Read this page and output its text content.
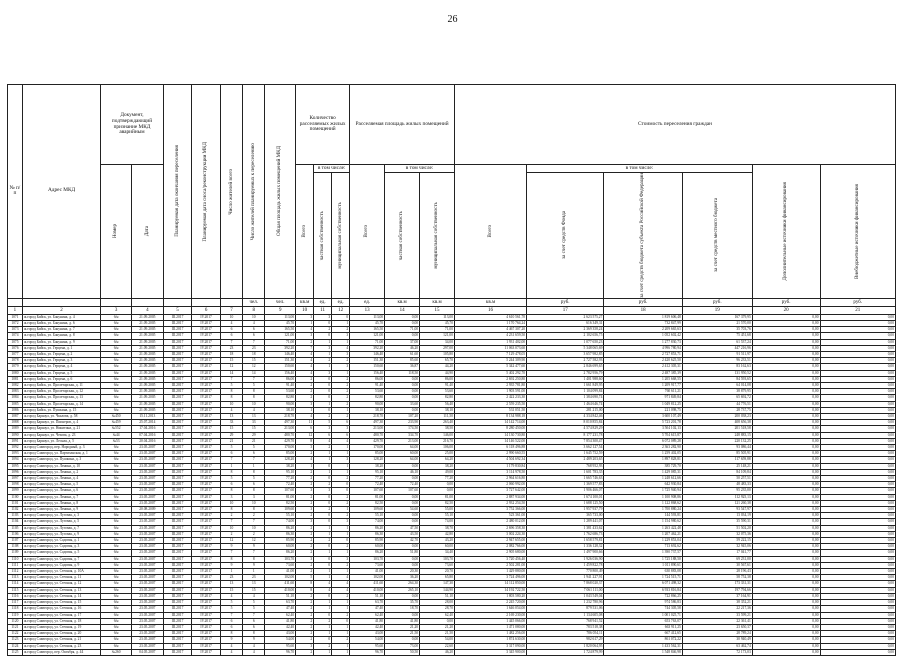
26
№ п/п	Адрес МКД	Документ, подтверждающий признание МКД аварийным		Планируемая дата окончания переселения	Планируемая дата сноса/реконструкции МКД	Число жителей всего	Число жителей планируемых к переселению	Общая площадь жилых помещений МКД	Количество расселяемых жилых помещений			Расселяемая площадь жилых помещений			Стоимость переселения граждан					

		Номер	Дата						Всего	в том числе:		Всего	в том числе:		Всего	в том числе:			Дополнительные источники финансирования	Внебюджетные источники финансирования

										частная собственность	муниципальная собственность		частная собственность	муниципальная собственность		за счет средств Фонда	за счет средств бюджета субъекта Российской Федерации	за счет средств местного бюджета		

							чел.	чел.	кв.м	ед.	ед.	ед.	кв.м	кв.м	кв.м	руб.	руб.	руб.	руб.	руб.
1	2	3	4	5	6	7	8	9	10	11	12	13	14	15	16	17	18	19	20	21
1071	ж.город Бийск, ул. Бакунина, д. 4	б/н	21.09.2005	III.2017	IV.2017	10	10	113,00	3	3	0	113,00	0,00	113,00	4 610 561,70	2 623 575,27	1 819 606,48	167 379,95	0,00	0,00
1072	ж.город Бийск, ул. Бакунина, д. 6	б/н	21.09.2005	III.2017	IV.2017	4	4	45,70	1	0	1	45,70	0,00	45,70	1 170 764,24	616 349,31	732 847,99	21 570,00	0,00	0,00
1073	ж.город Бийск, ул. Бакунина, д. 7	б/н	21.09.2005	III.2017	IV.2017	6	6	165,50	4	2	2	165,50	71,00	71,00	4 467 307,20	2 369 358,24	2 209 665,63	35 703,76	0,00	0,00
1074	ж.город Бийск, ул. Бакунина, д. 8	б/н	21.09.2005	III.2017	IV.2017	6	6	121,00	3	0	3	121,00	0,00	121,00	4 231 659,50	2 102 656,75	1 052 602,42	75 451,68	0,00	0,00
1075	ж.город Бийск, ул. Бакунина, д. 9	б/н	21.09.2005	III.2017	IV.2017	7	7	71,00	2	1	1	71,00	37,00	34,00	1 931 402,00	1 077 650,23	1 277 830,73	61 537,24	0,00	0,00
1076	ж.город Бийск, ул. Герцена, д. 1	б/н	21.09.2005	III.2017	IV.2017	23	23	392,20	7	3	4	392,20	46,20	297,00	11 063 073,60	5 348 065,69	4 996 780,94	447 216,96	0,00	0,00
1077	ж.город Бийск, ул. Герцена, д. 2	б/н	21.09.2005	III.2017	IV.2017	18	18	146,40	4	1	3	146,40	61,60	105,80	7 129 478,05	3 657 982,85	2 727 853,71	91 511,97	0,00	0,00
1078	ж.город Бийск, ул. Герцена, д. 3	б/н	21.09.2005	III.2017	IV.2017	15	15	151,30	4	2	2	151,30	85,60	65,70	5 244 309,90	2 727 582,93	2 420 625,50	96 233,51	0,00	0,00
1079	ж.город Бийск, ул. Герцена, д. 4	б/н	21.09.2005	III.2017	IV.2017	12	12	150,60	4	1	3	150,60	36,87	44,20	5 342 477,60	2 846 699,65	2 412 305,31	83 162,63	0,00	0,00
1080	ж.город Бийск, ул. Герцена, д. 5	б/н	21.09.2005	III.2017	IV.2017	14	14	156,40	4	3	1	156,40	118,50	44,90	5 402 292,70	2 782 956,79	2 487 385,39	131 950,52	0,00	0,00
1081	ж.город Бийск, ул. Герцена, д. 6	б/н	21.09.2005	III.2017	IV.2017	7	7	86,00	2	0	2	86,00	0,00	86,00	2 692 250,80	1 401 988,60	1 205 668,55	84 593,65	0,00	0,00
1082	ж.город Бийск, ул. Пролетарская, д. 11	б/н	21.09.2005	III.2017	IV.2017	5	5	91,40	2	0	2	91,40	0,00	91,40	2 935 781,80	1 661 849,95	1 209 917,77	64 014,08	0,00	0,00
1083	ж.город Бийск, ул. Пролетарская, д. 12	б/н	21.09.2005	III.2017	IV.2017	8	8	53,60	2	0	2	53,60	0,00	53,60	1 903 591,00	1 104 099,84	760 611,21	38 879,95	0,00	0,00
1084	ж.город Бийск, ул. Пролетарская, д. 13	б/н	21.09.2005	III.2017	IV.2017	8	8	82,80	2	0	2	82,80	0,00	82,80	2 422 233,30	1 384 690,74	971 849,84	65 692,72	0,00	0,00
1085	ж.город Бийск, ул. Пролетарская, д. 14	б/н	21.09.2005	III.2017	IV.2017	10	10	90,00	3	1	2	90,00	33,60	56,40	2 559 235,50	1 464 646,74	1 049 812,25	44 776,51	0,00	0,00
1086	ж.город Бийск, ул. Пушкина, д. 15	б/н	21.09.2005	III.2017	IV.2017	4	4	38,10	1	0	1	38,10	0,00	38,10	531 051,50	281 215,00	221 098,75	28 737,75	0,00	0,00
1087	ж.город Барнаул, ул. Чкалова, д. 58	№450	15.11.2013	III.2017	IV.2017	13	13	218,70	4	2	2	218,70	107,20	111,50	8 134 988,18	4 334 842,46	3 600 107,49	200 038,23	0,00	0,00
1088	ж.город Барнаул, ул. Пионеров, д. 4	№459	25.07.2014	III.2017	IV.2017	33	33	497,30	11	5	6	497,30	233,90	263,40	14 142 714,00	8 010 855,84	5 723 201,78	408 656,38	0,00	0,00
1089	ж.город Барнаул, ул. Никитина, д. 21	№552	17.04.2016	III.2017	IV.2017	15	15	213,00	6	3	3	213,00	174,50	38,50	8 280 450,00	4 574 829,29	3 504 102,13	201 518,58	0,00	0,00
1090	ж.город Барнаул, ул. Чехова, д. 23	№44	07.04.2016	III.2017	IV.2017	29	29	480,70	12	6	6	480,70	334,70	146,00	14 130 730,80	8 177 231,78	5 704 615,87	248 883,15	0,00	0,00
1091	ж.город Барнаул, ул. Лесная, д. 5	№53	20.04.2016	III.2017	IV.2017	21	21	429,70	8	4	4	429,70	213,00	216,70	14 146 522,00	7 854 300,47	6 072 089,28	220 132,25	0,00	0,00
1092	ж.город Славгород, пер. Народный, д. 3	б/н	23.05.2007	III.2017	IV.2017	5	5	170,00	3	2	1	170,00	64,00	106,00	6 118 496,88	3 662 127,54	2 363 282,90	93 086,44	0,00	0,00
1093	ж.город Славгород, ул. Партизанская, д. 1	б/н	23.05.2007	III.2017	IV.2017	6	6	85,00	2	1	1	85,00	60,00	25,00	2 990 660,55	1 645 752,59	1 259 402,05	85 505,91	0,00	0,00
1094	ж.город Славгород, ул. Пушкина, д. 3	б/н	23.05.2007	III.2017	IV.2017	7	7	128,20	4	1	3	128,20	64,00	64,20	4 504 692,34	2 489 203,65	1 897 828,81	117 659,88	0,00	0,00
1095	ж.город Славгород, ул. Ленина, д. 10	б/н	23.05.2007	III.2017	IV.2017	1	1	38,20	1	0	1	38,20	0,00	38,20	1 179 830,84	768 952,93	385 729,70	25 148,21	0,00	0,00
1096	ж.город Славгород, ул. Ленина, д. 2	б/н	23.05.2007	III.2017	IV.2017	8	8	95,10	2	1	1	95,10	46,10	49,00	3 114 978,50	1 601 783,35	1 429 085,31	84 109,84	0,00	0,00
1097	ж.город Славгород, ул. Ленина, д. 4	б/н	23.05.2007	III.2017	IV.2017	5	5	77,20	2	0	2	77,20	0,00	77,20	2 964 616,80	1 665 746,63	1 248 612,66	50 257,51	0,00	0,00
1098	ж.город Славгород, ул. Ленина, д. 5	б/н	23.05.2007	III.2017	IV.2017	6	6	72,40	2	2	0	72,40	72,40	0,00	2 060 992,00	1 369 577,83	642 930,84	48 483,33	0,00	0,00
1099	ж.город Славгород, ул. Ленина, д. 6	б/н	23.05.2007	III.2017	IV.2017	8	8	107,60	3	3	0	107,60	107,60	0,00	3 727 642,00	1 906 466,07	1 725 940,94	95 235,00	0,00	0,00
1100	ж.город Славгород, ул. Ленина, д. 7	б/н	23.05.2007	III.2017	IV.2017	3	3	81,00	2	0	2	81,00	0,00	81,00	2 887 934,00	1 674 100,01	1 100 908,86	112 925,13	0,00	0,00
1101	ж.город Славгород, ул. Ленина, д. 8	б/н	23.05.2007	III.2017	IV.2017	10	10	82,50	2	0	2	82,50	0,00	82,50	2 932 254,50	1 688 125,50	1 122 868,62	121 260,38	0,00	0,00
1102	ж.город Славгород, ул. Ленина, д. 9	б/н	20.08.2009	III.2017	IV.2017	8	8	109,60	3	2	1	109,60	54,60	55,00	3 752 366,00	1 957 937,79	1 700 880,24	93 547,97	0,00	0,00
1103	ж.город Славгород, ул. Луговая, д. 3	б/н	23.05.2007	III.2017	IV.2017	2	2	55,10	2	0	2	55,10	0,00	55,10	523 361,00	365 733,00	144 593,81	13 034,19	0,00	0,00
1104	ж.город Славгород, ул. Луговая, д. 5	б/н	23.05.2007	III.2017	IV.2017	7	7	74,00	3	0	3	74,00	0,00	74,00	2 480 012,00	1 289 441,07	1 154 980,62	35 590,31	0,00	0,00
1105	ж.город Славгород, ул. Луговая, д. 7	б/н	23.05.2007	III.2017	IV.2017	10	10	86,20	2	1	1	86,20	47,50	38,70	2 696 358,30	1 381 433,62	1 263 422,48	51 502,20	0,00	0,00
1106	ж.город Славгород, ул. Луговая, д. 9	б/н	23.05.2007	III.2017	IV.2017	2	2	86,30	2	1	1	86,30	43,50	42,80	3 002 224,30	1 762 686,73	1 207 462,21	32 075,36	0,00	0,00
1107	ж.город Славгород, ул. Садовая, д. 1	б/н	23.05.2007	III.2017	IV.2017	12	12	85,90	2	2	0	85,90	42,70	43,20	2 947 655,00	1 658 579,81	1 229 853,04	59 222,15	0,00	0,00
1108	ж.город Славгород, ул. Садовая, д. 3	б/н	23.05.2007	III.2017	IV.2017	9	9	60,00	2	0	2	60,00	0,00	60,00	2 082 766,00	1 336 128,32	713 692,62	32 945,06	0,00	0,00
1109	ж.город Славгород, ул. Садовая, д. 5	б/н	23.05.2007	III.2017	IV.2017	7	7	86,20	2	1	1	86,20	51,80	34,40	2 905 680,00	1 497 900,66	1 390 737,57	17 041,77	0,00	0,00
1110	ж.город Славгород, ул. Садовая, д. 7	б/н	23.05.2007	III.2017	IV.2017	8	8	103,70	3	0	3	103,70	0,00	103,70	3 720 456,40	1 926 036,90	1 725 188,50	69 231,00	0,00	0,00
1111	ж.город Славгород, ул. Садовая, д. 9	б/н	23.05.2007	III.2017	IV.2017	9	9	73,60	2	0	2	73,60	0,00	73,60	2 502 281,00	1 459 822,78	1 011 890,61	30 567,61	0,00	0,00
1112	ж.город Славгород, ул. Степная, д. 10А	б/н	23.05.2007	III.2017	IV.2017	1	1	41,00	2	1	1	41,00	20,30	20,70	1 429 880,00	770 800,49	630 883,08	28 196,43	0,00	0,00
1113	ж.город Славгород, ул. Степная, д. 11	б/н	23.05.2007	III.2017	IV.2017	23	23	102,00	5	1	4	102,00	36,20	65,80	3 724 496,00	1 941 227,91	1 724 515,71	58 752,38	0,00	0,00
1114	ж.город Славгород, ул. Степная, д. 12	б/н	23.05.2007	III.2017	IV.2017	13	13	411,60	8	4	4	411,60	264,30	147,30	14 112 850,00	7 868 020,37	6 071 498,32	173 331,31	0,00	0,00
1115	ж.город Славгород, ул. Степная, д. 13	б/н	23.05.2007	III.2017	IV.2017	15	15	410,00	8	4	4	410,00	265,10	144,90	14 192 722,50	7 061 111,00	6 933 816,84	197 794,66	0,00	0,00
1116	ж.город Славгород, ул. Степная, д. 14	б/н	23.05.2007	III.2017	IV.2017	4	4	51,10	2	0	2	51,10	0,00	51,10	1 803 580,20	1 043 549,04	722 866,25	37 164,91	0,00	0,00
1117	ж.город Славгород, ул. Степная, д. 15	б/н	23.05.2007	III.2017	IV.2017	5	5	63,70	2	1	1	63,70	35,70	28,00	2 245 720,00	1 232 780,96	974 586,83	38 352,21	0,00	0,00
1118	ж.город Славгород, ул. Степная, д. 16	б/н	23.05.2007	III.2017	IV.2017	5	5	47,40	2	1	1	47,40	18,70	28,70	1 646 054,00	879 531,06	744 305,58	22 217,36	0,00	0,00
1119	ж.город Славгород, ул. Степная, д. 17	б/н	23.05.2007	III.2017	IV.2017	7	7	62,40	2	0	2	62,40	0,00	62,40	2 169 230,00	1 134 605,08	1 001 025,71	33 599,21	0,00	0,00
1120	ж.город Славгород, ул. Степная, д. 18	б/н	23.05.2007	III.2017	IV.2017	6	6	41,80	2	2	0	41,80	41,80	0,00	1 445 066,00	768 941,52	653 763,07	22 361,41	0,00	0,00
1121	ж.город Славгород, ул. Степная, д. 19	б/н	23.05.2007	III.2017	IV.2017	6	6	42,40	2	1	1	42,40	21,20	21,20	1 471 080,00	783 518,38	663 911,25	23 650,37	0,00	0,00
1122	ж.город Славгород, ул. Степная, д. 20	б/н	23.05.2007	III.2017	IV.2017	8	8	43,00	2	1	1	43,00	21,50	21,50	1 482 256,00	786 054,11	667 412,65	28 789,24	0,00	0,00
1123	ж.город Славгород, ул. Степная, д. 21	б/н	23.05.2007	III.2017	IV.2017	9	9	54,00	2	0	2	54,00	0,00	54,00	1 874 630,00	982 617,29	861 072,22	30 940,49	0,00	0,00
1124	ж.город Славгород, ул. Степная, д. 23	б/н	23.05.2007	III.2017	IV.2017	4	4	95,60	3	2	1	95,60	73,00	22,60	3 317 090,00	1 820 064,95	1 433 562,31	63 462,74	0,00	0,00
1125	ж.город Славгород, пер. Октября, д. 44	№260	04.05.2007	III.2017	IV.2017	4	4	96,70	2	1	1	96,70	50,50	46,20	3 345 900,00	1 724 879,99	1 548 846,98	72 173,03	0,00	0,00
